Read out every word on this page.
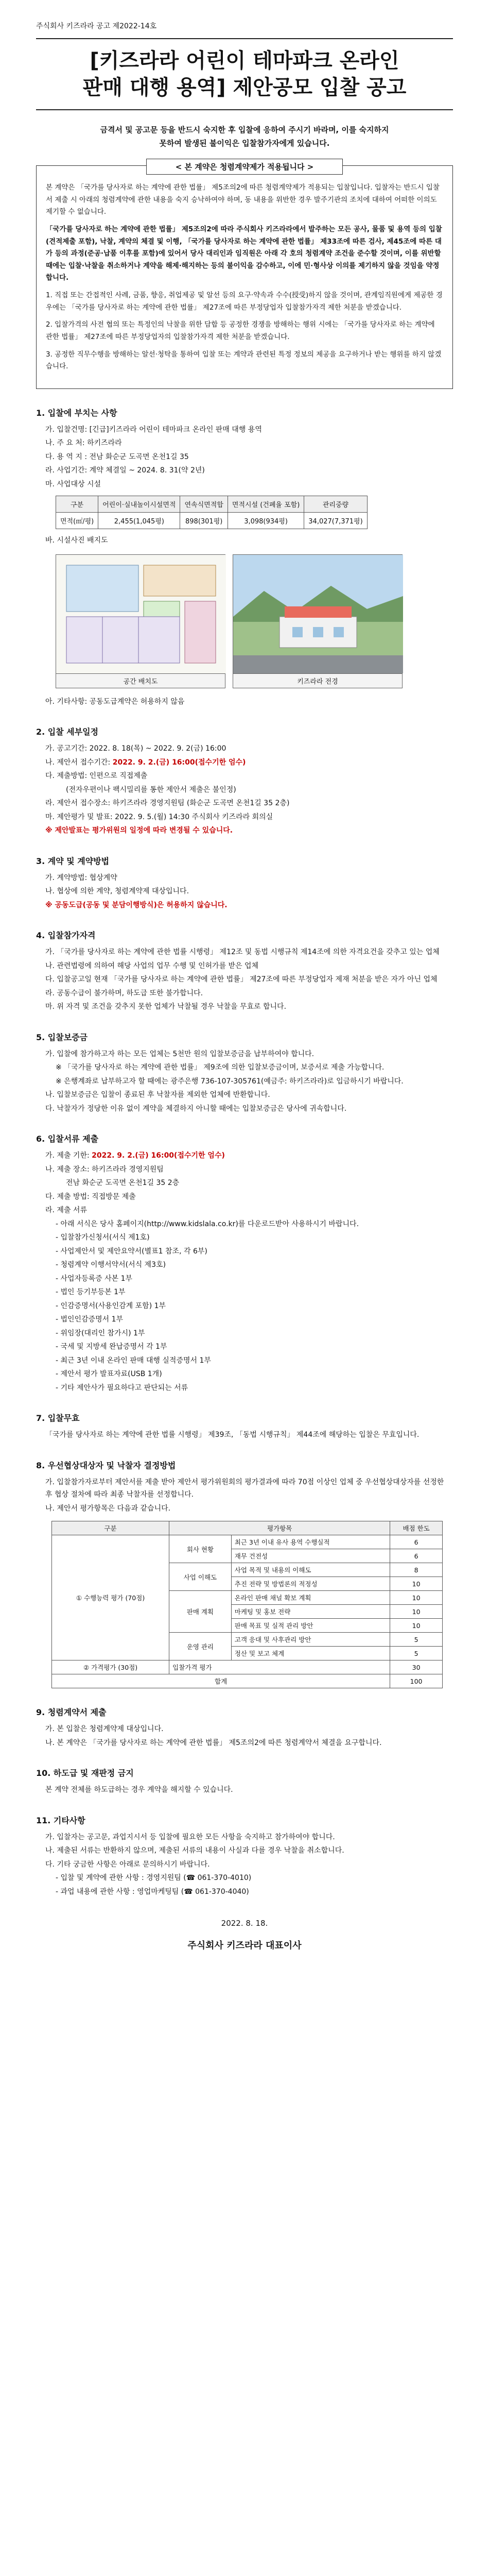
주식회사 키즈라라 공고 제2022-14호
[키즈라라 어린이 테마파크 온라인
판매 대행 용역] 제안공모 입찰 공고
금격서 및 공고문 등을 반드시 숙지한 후 입찰에 응하여 주시기 바라며, 이를 숙지하지
못하여 발생된 불이익은 입찰참가자에게 있습니다.
< 본 계약은 청렴계약제가 적용됩니다 >

본 계약은 「국가를 당사자로 하는 계약에 관한 법률」 제5조의2에 따른 청렴계약제가 적용되는 입찰입니다. 입찰자는 반드시 입찰서 제출 시 아래의 청렴계약에 관한 내용을 숙지 승낙하여야 하며, 동 내용을 위반한 경우 발주기관의 조치에 대하여 어떠한 이의도 제기할 수 없습니다.

「국가를 당사자로 하는 계약에 관한 법률」 제5조의2에 따라 주식회사 키즈라라에서 발주하는 모든 공사, 물품 및 용역 등의 입찰(견적제출 포함), 낙찰, 계약의 체결 및 이행, 「국가를 당사자로 하는 계약에 관한 법률」 제33조에 따른 검사, 제45조에 따른 대가 등의 과정(준공·납품 이후를 포함)에 있어서 당사 대리인과 임직원은 아래 각 호의 청렴계약 조건을 준수할 것이며, 이를 위반할 때에는 입찰·낙찰을 취소하거나 계약을 해제·해지하는 등의 불이익을 감수하고, 이에 민·형사상 이의를 제기하지 않을 것임을 약정합니다.

1. 직접 또는 간접적인 사례, 금품, 향응, 취업제공 및 알선 등의 요구·약속과 수수(授受)하지 않을 것이며, 관계임직원에게 제공한 경우에는 「국가를 당사자로 하는 계약에 관한 법률」 제27조에 따른 부정당업자 입찰참가자격 제한 처분을 받겠습니다.

2. 입찰가격의 사전 협의 또는 특정인의 낙찰을 위한 담합 등 공정한 경쟁을 방해하는 행위 시에는 「국가를 당사자로 하는 계약에 관한 법률」 제27조에 따른 부정당업자의 입찰참가자격 제한 처분을 받겠습니다.

3. 공정한 직무수행을 방해하는 알선·청탁을 통하여 입찰 또는 계약과 관련된 특정 정보의 제공을 요구하거나 받는 행위를 하지 않겠습니다.

1. 입찰에 부치는 사항
가. 입찰건명: [긴급]키즈라라 어린이 테마파크 온라인 판매 대행 용역
나. 주 요 처: 하키즈라라
다. 용 역 지 : 전남 화순군 도곡면 온천1길 35
라. 사업기간: 계약 체결일 ~ 2024. 8. 31(약 2년)
마. 사업대상 시설
구분	어린이·실내놀이시설면적	연속식면적합	면적시설 (건폐율 포함)	관리중량
면적(㎡/평)	2,455(1,045평)	898(301평)	3,098(934평)	34,027(7,371평)
바. 시설사진 배지도
공간 배치도	키즈라라 전경
아. 기타사항: 공동도급계약은 허용하지 않음
2. 입찰 세부일정
가. 공고기간: 2022. 8. 18(목) ~ 2022. 9. 2(금) 16:00
나. 제안서 접수기간: 2022. 9. 2.(금) 16:00(접수기한 엄수)
다. 제출방법: 인편으로 직접제출
(전자우편이나 팩시밀리를 통한 제안서 제출은 불인정)
라. 제안서 접수장소: 하키즈라라 경영지원팀 (화순군 도곡면 온천1길 35 2층)
마. 제안평가 및 발표: 2022. 9. 5.(월) 14:30 주식회사 키즈라라 회의실
※ 제안발표는 평가위원의 일정에 따라 변경될 수 있습니다.
3. 계약 및 계약방법
가. 계약방법: 협상계약
나. 협상에 의한 계약, 청렴계약제 대상입니다.
※ 공동도급(공동 및 분담이행방식)은 허용하지 않습니다.
4. 입찰참가자격
가. 「국가를 당사자로 하는 계약에 관한 법률 시행령」 제12조 및 동법 시행규칙 제14조에 의한 자격요건을 갖추고 있는 업체
나. 관련법령에 의하여 해당 사업의 업무 수행 및 인허가를 받은 업체
다. 입찰공고일 현재 「국가를 당사자로 하는 계약에 관한 법률」 제27조에 따른 부정당업자 제재 처분을 받은 자가 아닌 업체
라. 공동수급이 불가하며, 하도급 또한 불가합니다.
마. 위 자격 및 조건을 갖추지 못한 업체가 낙찰될 경우 낙찰을 무효로 합니다.
5. 입찰보증금
가. 입찰에 참가하고자 하는 모든 업체는 5천만 원의 입찰보증금을 납부하여야 합니다.
※ 「국가를 당사자로 하는 계약에 관한 법률」 제9조에 의한 입찰보증금이며, 보증서로 제출 가능합니다.
※ 은행계좌로 납부하고자 할 때에는 광주은행 736-107-305761(예금주: 하키즈라라)로 입금하시기 바랍니다.
나. 입찰보증금은 입찰이 종료된 후 낙찰자를 제외한 업체에 반환합니다.
다. 낙찰자가 정당한 이유 없이 계약을 체결하지 아니할 때에는 입찰보증금은 당사에 귀속합니다.
6. 입찰서류 제출
가. 제출 기한: 2022. 9. 2.(금) 16:00(접수기한 엄수)
나. 제출 장소: 하키즈라라 경영지원팀
전남 화순군 도곡면 온천1길 35 2층
다. 제출 방법: 직접방문 제출
라. 제출 서류
- 아래 서식은 당사 홈페이지(http://www.kidslala.co.kr)를 다운로드받아 사용하시기 바랍니다.
- 입찰참가신청서(서식 제1호)
- 사업제안서 및 제안요약서(별표1 참조, 각 6부)
- 청렴계약 이행서약서(서식 제3호)
- 사업자등록증 사본 1부
- 법인 등기부등본 1부
- 인감증명서(사용인감계 포함) 1부
- 법인인감증명서 1부
- 위임장(대리인 참가시) 1부
- 국세 및 지방세 완납증명서 각 1부
- 최근 3년 이내 온라인 판매 대행 실적증명서 1부
- 제안서 평가 발표자료(USB 1개)
- 기타 제안사가 필요하다고 판단되는 서류
7. 입찰무효
「국가를 당사자로 하는 계약에 관한 법률 시행령」 제39조, 「동법 시행규칙」 제44조에 해당하는 입찰은 무효입니다.
8. 우선협상대상자 및 낙찰자 결정방법
가. 입찰참가자로부터 제안서를 제출 받아 제안서 평가위원회의 평가결과에 따라 70점 이상인 업체 중 우선협상대상자를 선정한 후 협상 절차에 따라 최종 낙찰자를 선정합니다.
나. 제안서 평가항목은 다음과 같습니다.
구분	평가항목		배점 한도
① 수행능력 평가 (70점)	회사 현황	최근 3년 이내 유사 용역 수행실적	6
		재무 건전성	6
	사업 이해도	사업 목적 및 내용의 이해도	8
		추진 전략 및 방법론의 적정성	10
	판매 계획	온라인 판매 채널 확보 계획	10
		마케팅 및 홍보 전략	10
		판매 목표 및 실적 관리 방안	10
	운영 관리	고객 응대 및 사후관리 방안	5
		정산 및 보고 체계	5
② 가격평가 (30점)	입찰가격 평가		30
합계			100
9. 청렴계약서 제출
가. 본 입찰은 청렴계약제 대상입니다.
나. 본 계약은 「국가를 당사자로 하는 계약에 관한 법률」 제5조의2에 따른 청렴계약서 체결을 요구합니다.
10. 하도급 및 재판정 금지
본 계약 전체를 하도급하는 경우 계약을 해지할 수 있습니다.
11. 기타사항
가. 입찰자는 공고문, 과업지시서 등 입찰에 필요한 모든 사항을 숙지하고 참가하여야 합니다.
나. 제출된 서류는 반환하지 않으며, 제출된 서류의 내용이 사실과 다를 경우 낙찰을 취소합니다.
다. 기타 궁금한 사항은 아래로 문의하시기 바랍니다.
- 입찰 및 계약에 관한 사항 : 경영지원팀 (☎ 061-370-4010)
- 과업 내용에 관한 사항 : 영업마케팅팀 (☎ 061-370-4040)
2022. 8. 18.
주식회사 키즈라라 대표이사
